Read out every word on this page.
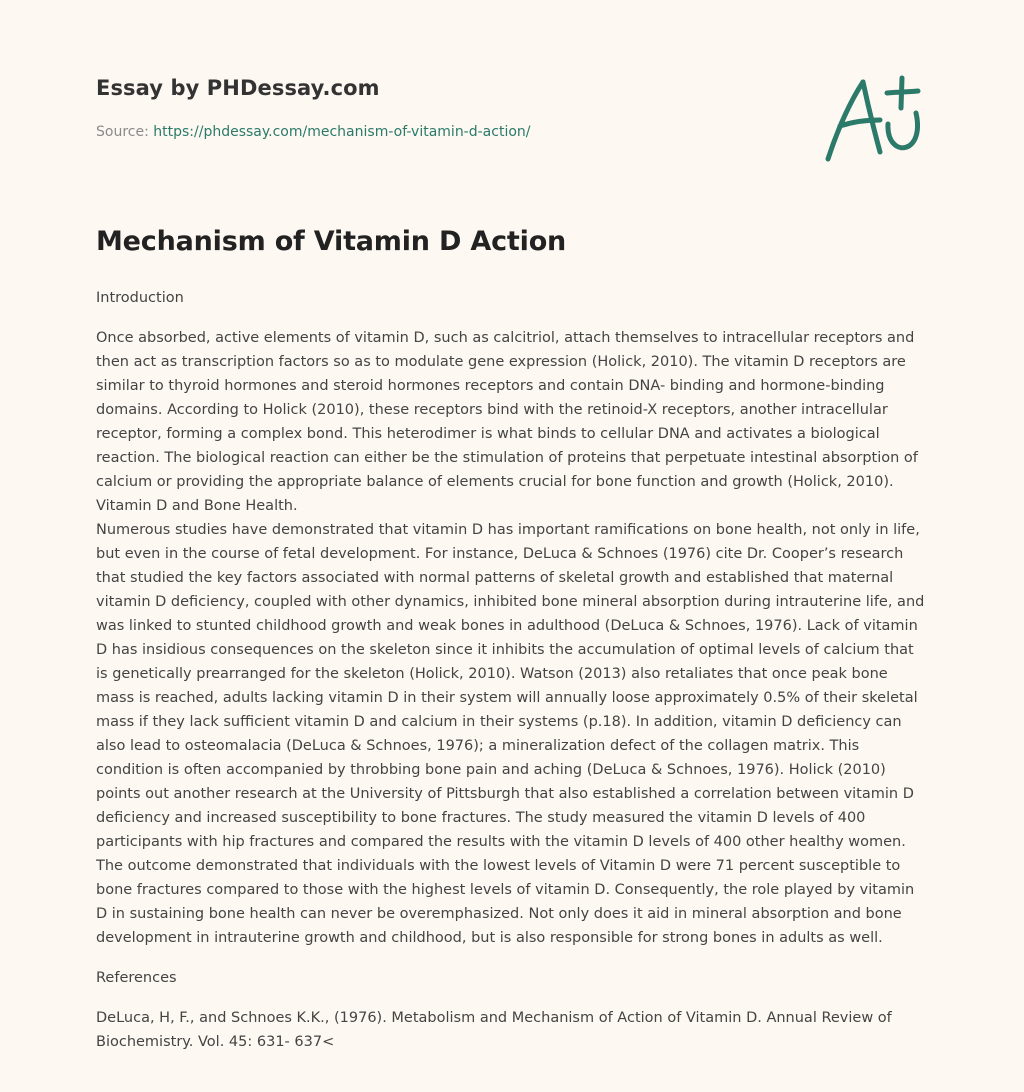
Essay by PHDessay.com
Source: https://phdessay.com/mechanism-of-vitamin-d-action/
Mechanism of Vitamin D Action

Introduction

Once absorbed, active elements of vitamin D, such as calcitriol, attach themselves to intracellular receptors and then act as transcription factors so as to modulate gene expression (Holick, 2010). The vitamin D receptors are similar to thyroid hormones and steroid hormones receptors and contain DNA- binding and hormone-binding domains. According to Holick (2010), these receptors bind with the retinoid-X receptors, another intracellular receptor, forming a complex bond. This heterodimer is what binds to cellular DNA and activates a biological reaction. The biological reaction can either be the stimulation of proteins that perpetuate intestinal absorption of calcium or providing the appropriate balance of elements crucial for bone function and growth (Holick, 2010).

Vitamin D and Bone Health.

Numerous studies have demonstrated that vitamin D has important ramifications on bone health, not only in life, but even in the course of fetal development. For instance, DeLuca & Schnoes (1976) cite Dr. Cooper’s research that studied the key factors associated with normal patterns of skeletal growth and established that maternal vitamin D deficiency, coupled with other dynamics, inhibited bone mineral absorption during intrauterine life, and was linked to stunted childhood growth and weak bones in adulthood (DeLuca & Schnoes, 1976). Lack of vitamin D has insidious consequences on the skeleton since it inhibits the accumulation of optimal levels of calcium that is genetically prearranged for the skeleton (Holick, 2010). Watson (2013) also retaliates that once peak bone mass is reached, adults lacking vitamin D in their system will annually loose approximately 0.5% of their skeletal mass if they lack sufficient vitamin D and calcium in their systems (p.18). In addition, vitamin D deficiency can also lead to osteomalacia (DeLuca & Schnoes, 1976); a mineralization defect of the collagen matrix. This condition is often accompanied by throbbing bone pain and aching (DeLuca & Schnoes, 1976). Holick (2010) points out another research at the University of Pittsburgh that also established a correlation between vitamin D deficiency and increased susceptibility to bone fractures. The study measured the vitamin D levels of 400 participants with hip fractures and compared the results with the vitamin D levels of 400 other healthy women. The outcome demonstrated that individuals with the lowest levels of Vitamin D were 71 percent susceptible to bone fractures compared to those with the highest levels of vitamin D. Consequently, the role played by vitamin D in sustaining bone health can never be overemphasized. Not only does it aid in mineral absorption and bone development in intrauterine growth and childhood, but is also responsible for strong bones in adults as well.

References

DeLuca, H, F., and Schnoes K.K., (1976). Metabolism and Mechanism of Action of Vitamin D. Annual Review of Biochemistry. Vol. 45: 631- 637<
